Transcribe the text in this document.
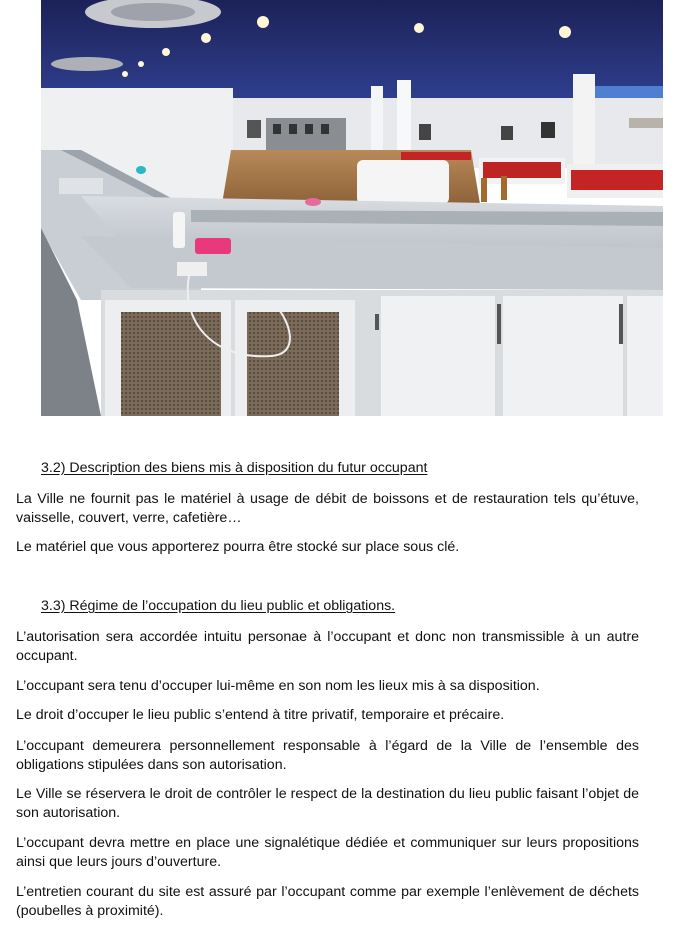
3.2) Description des biens mis à disposition du futur occupant
La Ville ne fournit pas le matériel à usage de débit de boissons et de restauration tels qu’étuve, vaisselle, couvert, verre, cafetière…
Le matériel que vous apporterez pourra être stocké sur place sous clé.
3.3) Régime de l’occupation du lieu public et obligations.
L’autorisation sera accordée intuitu personae à l’occupant et donc non transmissible à un autre occupant.
L’occupant sera tenu d’occuper lui-même en son nom les lieux mis à sa disposition.
Le droit d’occuper le lieu public s’entend à titre privatif, temporaire et précaire.
L’occupant demeurera personnellement responsable à l’égard de la Ville de l’ensemble des obligations stipulées dans son autorisation.
Le Ville se réservera le droit de contrôler le respect de la destination du lieu public faisant l’objet de son autorisation.
L’occupant devra mettre en place une signalétique dédiée et communiquer sur leurs propositions ainsi que leurs jours d’ouverture.
L’entretien courant du site est assuré par l’occupant comme par exemple l’enlèvement de déchets (poubelles à proximité).
